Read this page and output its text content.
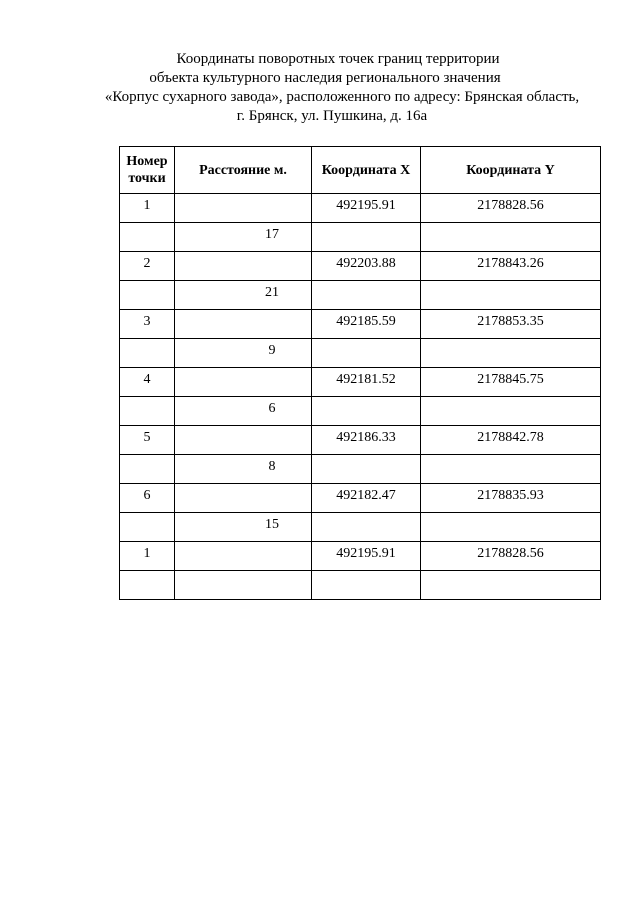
Координаты поворотных точек границ территории
объекта культурного наследия регионального значения
«Корпус сухарного завода», расположенного по адресу: Брянская область,
г. Брянск, ул. Пушкина, д. 16а
Номер
точки	Расстояние м.	Координата X	Координата Y
1		492195.91	2178828.56
	17		
2		492203.88	2178843.26
	21		
3		492185.59	2178853.35
	9		
4		492181.52	2178845.75
	6		
5		492186.33	2178842.78
	8		
6		492182.47	2178835.93
	15		
1		492195.91	2178828.56
